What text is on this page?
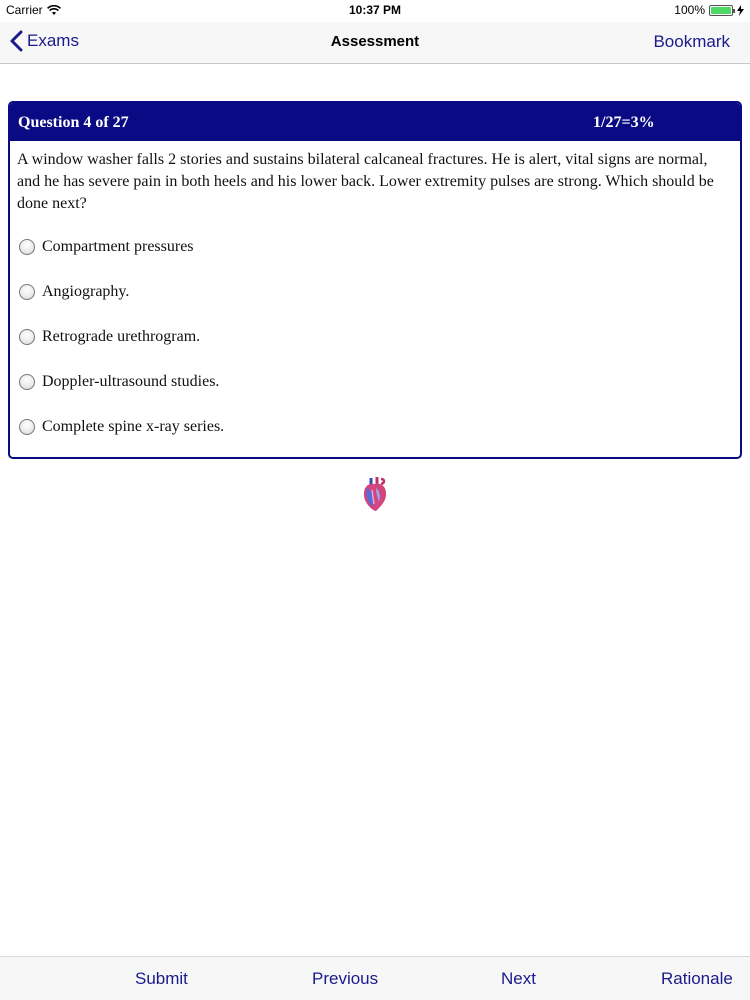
Carrier	10:37 PM	100%
Exams	Assessment	Bookmark
Question 4 of 27	1/27=3%
A window washer falls 2 stories and sustains bilateral calcaneal fractures. He is alert, vital signs are normal, and he has severe pain in both heels and his lower back. Lower extremity pulses are strong. Which should be done next?
Compartment pressures
Angiography.
Retrograde urethrogram.
Doppler-ultrasound studies.
Complete spine x-ray series.
Submit	Previous	Next	Rationale
